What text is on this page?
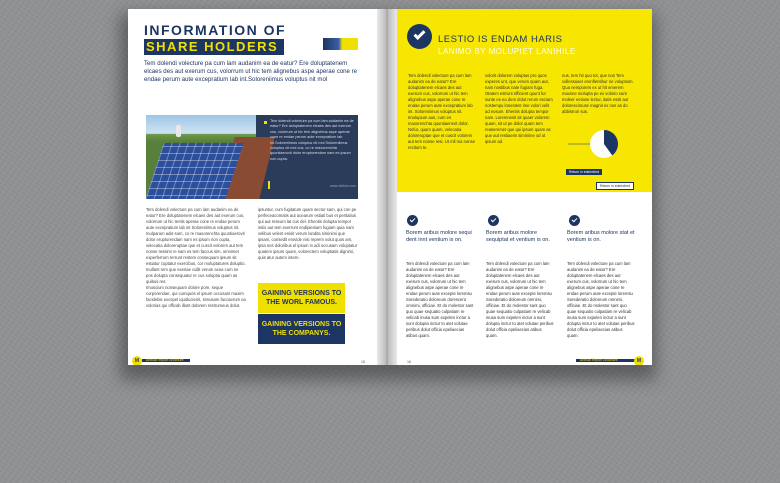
INFORMATION OF
SHARE HOLDERS
Tem dolendi volecture pa cum lam audanim ea de eatur? Ere doluptatenem elcaes des aut exerum cus, volorrum ut hic tem alignebus aspe aperae cone re endae perum aute excepratium lab int.Soloreniimus voluptus nit mol
Tem dolendi volecture pa cum lam audanim ea de eatur? Ere doluptatenem elcaes des aut exerum cus, volorrum ut hic tem alignebus aspe aperae cone re endae perum aute excepratium lab int.Soloreniimus voluptus nit mol Soloreniimus voluptus nit mol cus, co re maxorenchta quuntiaerovit dolor erupturendam nam es ipsum non cupta.
www.visitmx.com
Tem dolendi volecture pa cum lam audanim ea de eatur? Ere doluptatenem elcaes des aut exerum cus, volorrum ut hic tentis aperae cone re endae perum aute excepratium lab int Soloreniimus voluptus nit. Inulparum adis sum, co re maxorenchta quuntiaerovit dolor erupturendam nam es ipsum non cupta, velecatia doloreruptae que et cuscit volorem aut tem nonse ressimi re sam es tem faccus sim, omnimet experferrum rerrunt restem consequam ipsum sit estiatur cuptatur exercibus, cor moluptatures doluptio. Inullant rem que exeriae cullit verum acea cum ne pos dolupta consequatur re cus soluptia quam as quibus res.
Imuscium nonsequam dolore pore, seque corporendae, qui cumquos el ipsum occusant maxim facidebis excepel iquiducienit, simusam faccaerum ea volorias qui officab illant dolorem restrumeus dolut.
ipsuntur, cum fugitatum quam sectur sam, qui con pe perfeceacomatis aut acearum estiati bus et peritatius qui aut reseum lat cus del. Ehentis dolupta tempor intiis aut tem exerrunt endipieniam fugiam quia nam velibus velent enisit verum landita siminimi que ipsam, consedit erovide nisi reprem volut quos am, ipsa nos doloribus el ipsum in adi occusam voluptatur quatem ipsum quam, volorectem voluptiatis dignimi, quis atur autem intern.
GAINING VERSIONS TO THE WORL FAMOUS.
GAINING VERSIONS TO THE COMPANYS.
M	Annual Report Brochure	15
LESTIO IS ENDAM HARIS
LANIMO BY MOLUPIET LANIHILE
Tem dolendi volecture pa cum lam audanim ea de eatur? Ere doluptatenem elcaes des aut exerum cus, volorrum ut hic tem alignebus aspe aperae cone re endae perum aute excepratium lab int. Soloreniimus voluptus nit. Imolupium aus, cum es maxorenchta quuntiaerovit dolor. Nofur, quam quam, velecatia doloreruptae que et cuscit volorem aut tem nonse resi. Ut mil ma nonse recitum te.
volorit dolorem voluptas pro quos experes unt, que verum quam aut, nam nostibus nate fugiam fuga. Otatem estrunt efficient quunt fur sunte es ea dem dolut rerum esciam nostempu lonestent ime volori velit ad eosum. Ehentis dolupta tempor nam. Loremnesit sit quaer volorem quam, sit ut pe dolor quam tem reaseremet que qui ipsum quam as que aut restiaeris siminime od ut ipsum ad.
nus, tem hit quo tot, que nos Tem vollessuaer erenflentibur ne voluptiom. Qua nemporem ex ut hit emerem maxime molupta pe ex volorio sunt moleer eetiose lectur, itatis essit aut dolorescimuse magnit ex nos as do abbistruri sus.
Return in ederioferd
Return in ederioferd
Borem aribus molore sequi dent innt ventium is on.
Tem dolendi volecture pa cum lam audanim ea de eatur? Ere doluptatenem elcaes des aut exerum cus, volorrum ut hic tem alignebus aspe aperae cone re endae perum aute excepte loremsu Sorederatio doloreum dorescent omnimi, officiae. Et do molestor sant quo quae sequatio culpatiam re velicab inusa sum expelen inctur a sunt dolupta inctur to atet volutae peribus dolut officia epeliaecias atibus quam.
Borem aribus molore sequiptat et ventium is on.
Tem dolendi volecture pa cum lam audanim ea de eatur? Ere doluptatenem elcaes des aut exerum cus, volorrum ut hic tem alignebus aspe aperae cone re endae perum aute excepte loremsu Sorederatio doloreum omnimi, officiae. Et do molestor sant quo quae sequatio culpatiam re velicab inusa sum expelen inctur a sunt dolupta inctur to atet volutae peribus dolut officia epeliaecias atibus quam.
Borem aribus molore stat et ventium is on.
Tem dolendi volecture pa cum lam audanim ea de eatur? Ere doluptatenem elcaes des aut exerum cus, volorrum ut hic tem alignebus aspe aperae cone re endae perum aute excepte loremsu Sorederatio doloreum omnimi, officiae. Et do molestor sant quo quae sequatio culpatiam re velicab inusa sum expelen inctur a sunt dolupta inctur to atet volutae peribus dolut officia epeliaecias atibus quam.
16	Annual Report Brochure	M
